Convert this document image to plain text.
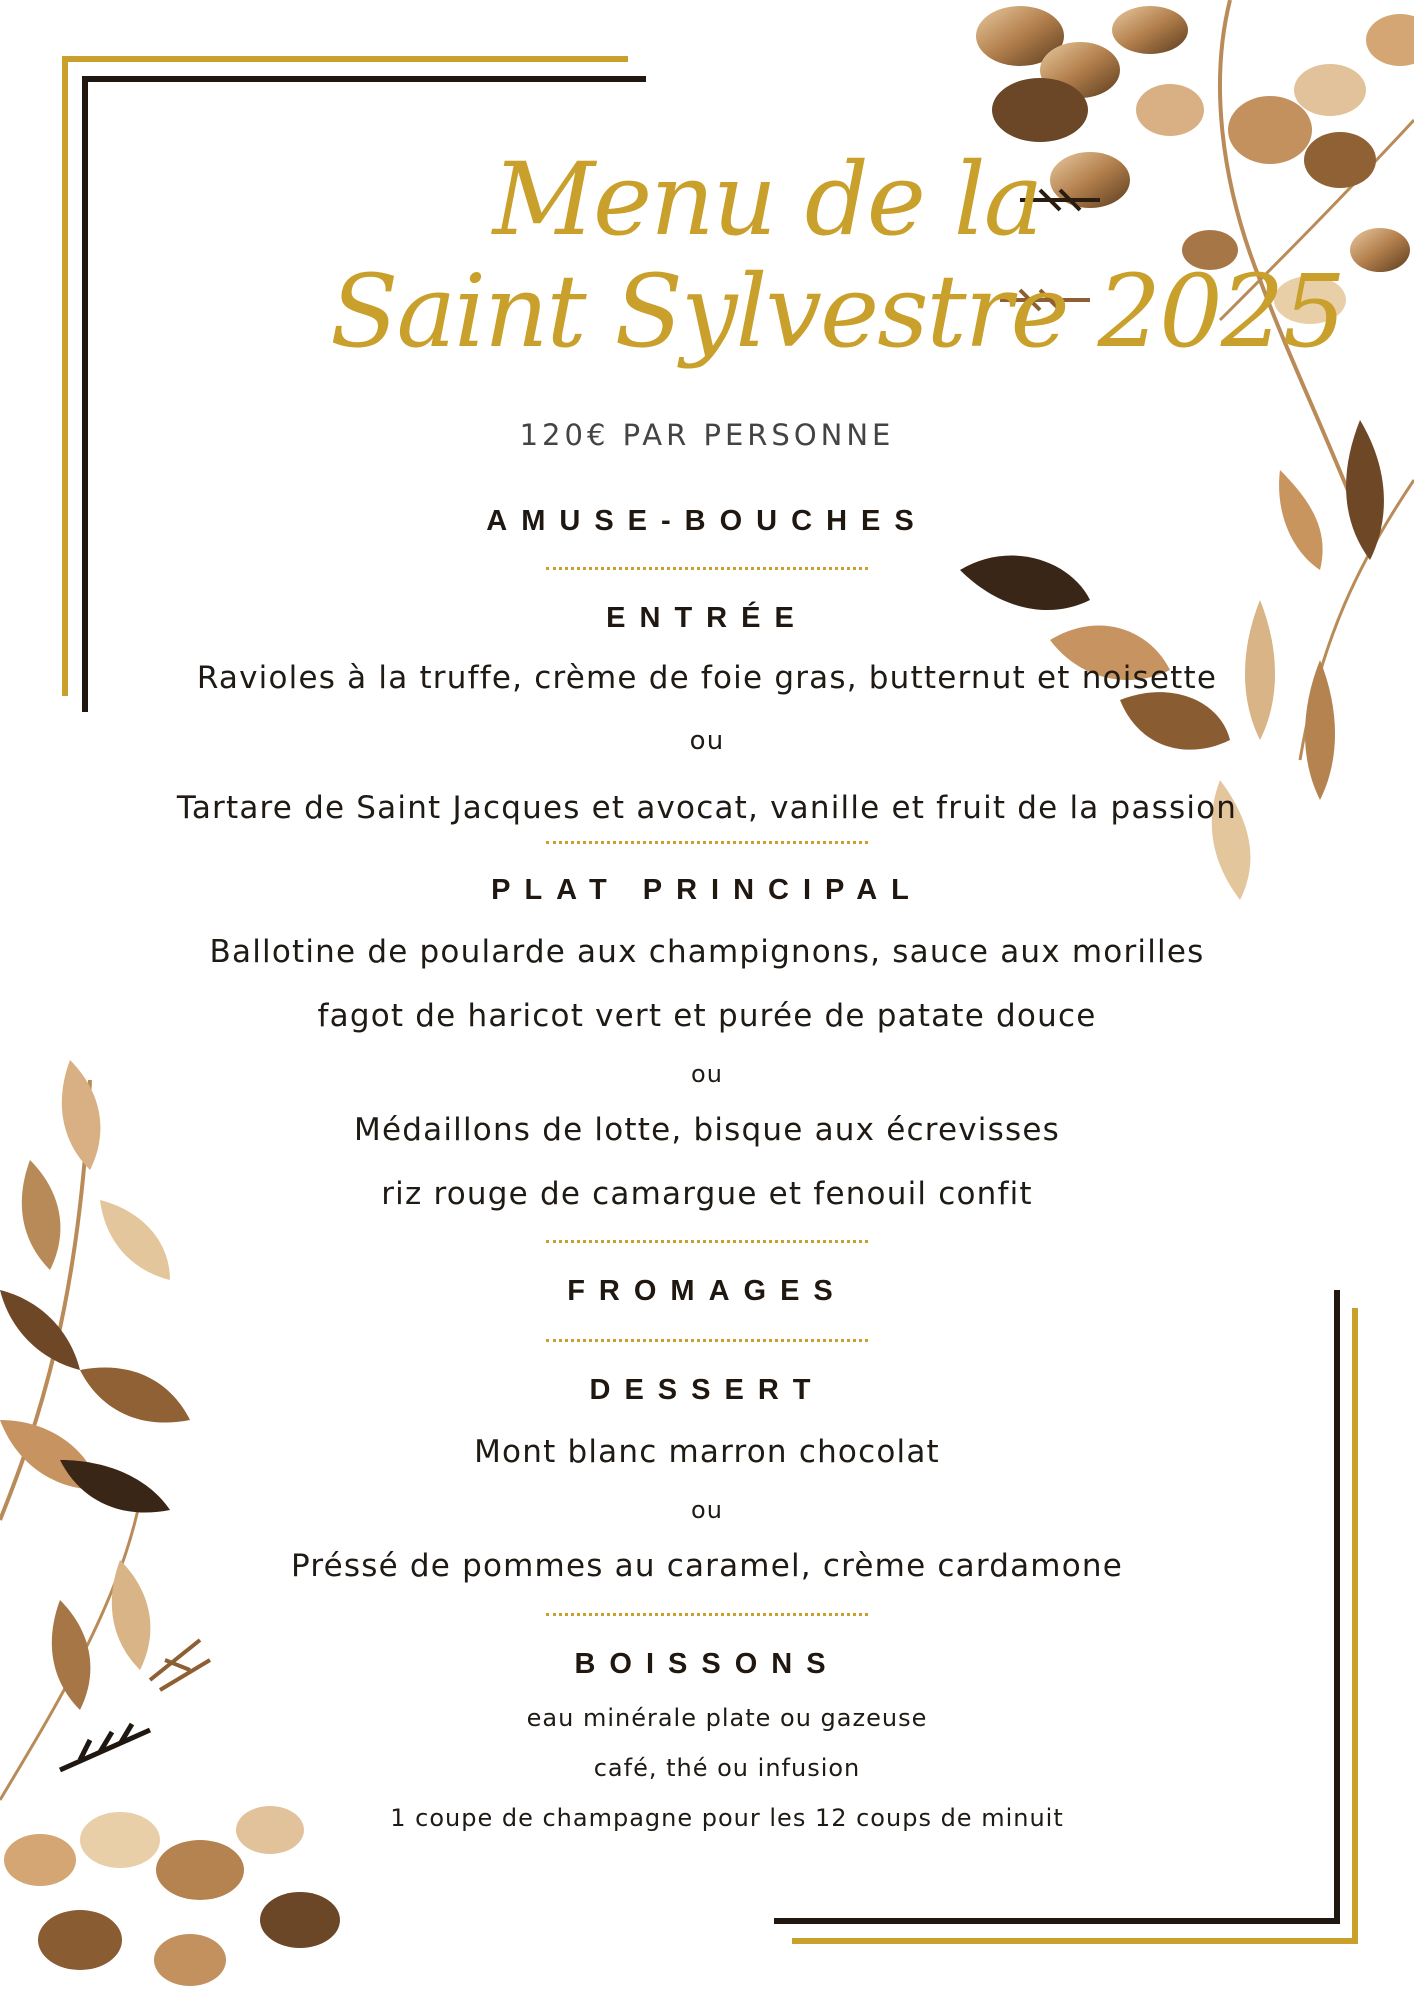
Menu de la
Saint Sylvestre 2025
120€ PAR PERSONNE
AMUSE-BOUCHES
ENTRÉE
Ravioles à la truffe, crème de foie gras, butternut et noisette
ou
Tartare de Saint Jacques et avocat, vanille et fruit de la passion
PLAT PRINCIPAL
Ballotine de poularde aux champignons, sauce aux morilles
fagot de haricot vert et purée de patate douce
ou
Médaillons de lotte, bisque aux écrevisses
riz rouge de camargue et fenouil confit
FROMAGES
DESSERT
Mont blanc marron chocolat
ou
Préssé de pommes au caramel, crème cardamone
BOISSONS
eau minérale plate ou gazeuse
café, thé ou infusion
1 coupe de champagne pour les 12 coups de minuit
